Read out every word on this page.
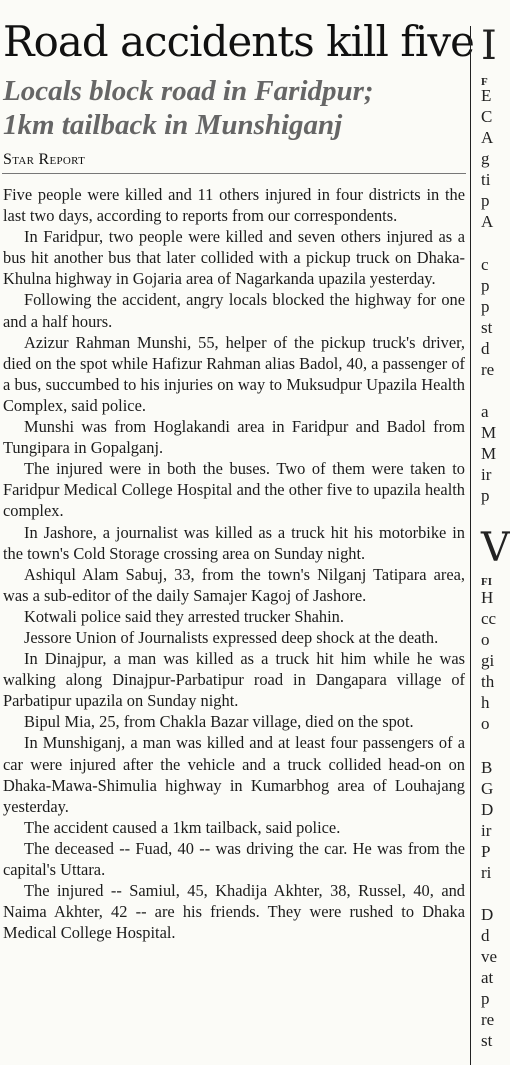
Road accidents kill five
Locals block road in Faridpur;
1km tailback in Munshiganj
Star Report

Five people were killed and 11 others injured in four districts in the last two days, according to reports from our correspondents.

In Faridpur, two people were killed and seven others injured as a bus hit another bus that later collided with a pickup truck on Dhaka-Khulna highway in Gojaria area of Nagarkanda upazila yesterday.

Following the accident, angry locals blocked the highway for one and a half hours.

Azizur Rahman Munshi, 55, helper of the pickup truck's driver, died on the spot while Hafizur Rahman alias Badol, 40, a passenger of a bus, succumbed to his injuries on way to Muksudpur Upazila Health Complex, said police.

Munshi was from Hoglakandi area in Faridpur and Badol from Tungipara in Gopalganj.

The injured were in both the buses. Two of them were taken to Faridpur Medical College Hospital and the other five to upazila health complex.

In Jashore, a journalist was killed as a truck hit his motorbike in the town's Cold Storage crossing area on Sunday night.

Ashiqul Alam Sabuj, 33, from the town's Nilganj Tatipara area, was a sub-editor of the daily Samajer Kagoj of Jashore.

Kotwali police said they arrested trucker Shahin.

Jessore Union of Journalists expressed deep shock at the death.

In Dinajpur, a man was killed as a truck hit him while he was walking along Dinajpur-Parbatipur road in Dangapara village of Parbatipur upazila on Sunday night.

Bipul Mia, 25, from Chakla Bazar village, died on the spot.

In Munshiganj, a man was killed and at least four passengers of a car were injured after the vehicle and a truck collided head-on on Dhaka-Mawa-Shimulia highway in Kumarbhog area of Louhajang yesterday.

The accident caused a 1km tailback, said police.

The deceased -- Fuad, 40 -- was driving the car. He was from the capital's Uttara.

The injured -- Samiul, 45, Khadija Akhter, 38, Russel, 40, and Naima Akhter, 42 -- are his friends. They were rushed to Dhaka Medical College Hospital.

I
F
E
C
A
g
ti
p
A
c
p
p
st
d
re
a
M
M
ir
p
V
FI
H
cc
o
gi
th
h
o
B
G
D
ir
P
ri
D
d
ve
at
p
re
st
